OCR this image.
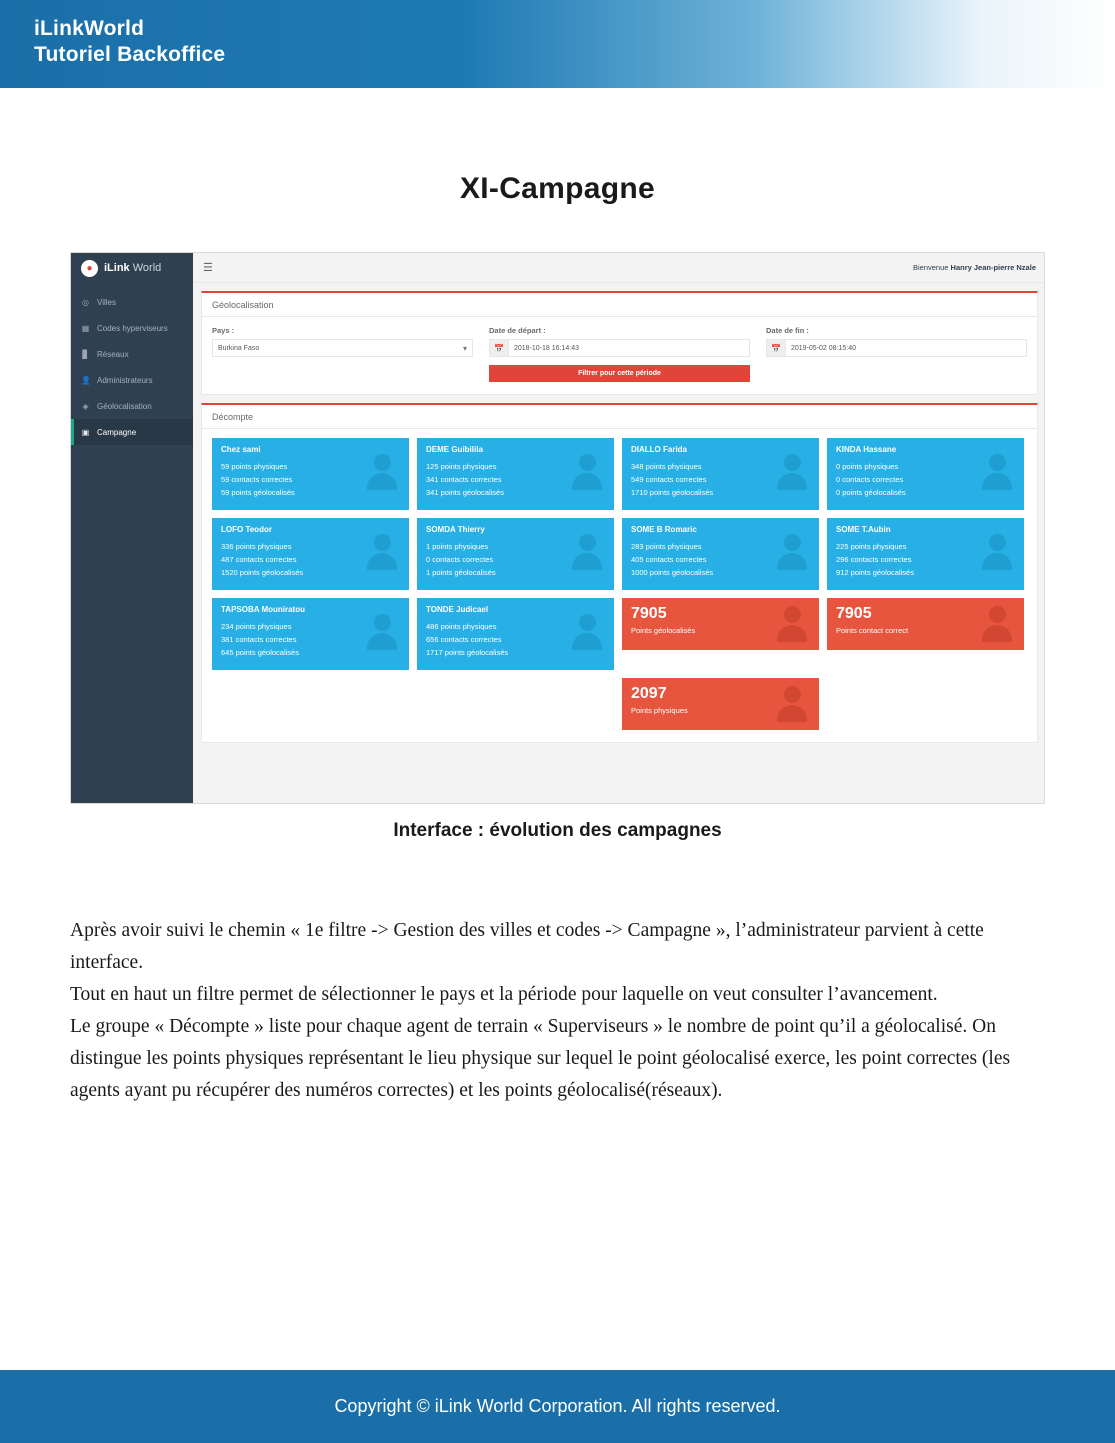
iLinkWorld
Tutoriel Backoffice
XI-Campagne
●	iLink World	☰	Bienvenue Hanry Jean-pierre Nzale
◎ Villes
▦ Codes hyperviseurs
▊ Réseaux
👤 Administrateurs
◈ Géolocalisation
▣ Campagne
Géolocalisation
Pays :
Burkina Faso	▾
Date de départ :
📅	2018-10-18 16:14:43
Filtrer pour cette période
Date de fin :
📅	2019-05-02 08:15:40
Décompte
Chez sami
59 points physiques
59 contacts correctes
59 points géolocalisés
DEME Guibilila
125 points physiques
341 contacts correctes
341 points géolocalisés
DIALLO Farida
348 points physiques
549 contacts correctes
1710 points géolocalisés
KINDA Hassane
0 points physiques
0 contacts correctes
0 points géolocalisés
LOFO Teodor
336 points physiques
487 contacts correctes
1520 points géolocalisés
SOMDA Thierry
1 points physiques
0 contacts correctes
1 points géolocalisés
SOME B Romaric
283 points physiques
405 contacts correctes
1000 points géolocalisés
SOME T.Aubin
225 points physiques
296 contacts correctes
912 points géolocalisés
TAPSOBA Mouniratou
234 points physiques
381 contacts correctes
645 points géolocalisés
TONDE Judicael
486 points physiques
656 contacts correctes
1717 points géolocalisés
7905
Points géolocalisés
7905
Points contact correct
2097
Points physiques
Interface : évolution des campagnes

Après avoir suivi le chemin « 1e filtre -> Gestion des villes et codes -> Campagne », l’administrateur parvient à cette interface.

Tout en haut un filtre permet de sélectionner le pays et la période pour laquelle on veut consulter l’avancement.

Le groupe « Décompte » liste pour chaque agent de terrain « Superviseurs » le nombre de point qu’il a géolocalisé. On distingue les points physiques représentant le lieu physique sur lequel le point géolocalisé exerce, les point correctes (les agents ayant pu récupérer des numéros correctes) et les points géolocalisé(réseaux).

Copyright © iLink World Corporation. All rights reserved.
